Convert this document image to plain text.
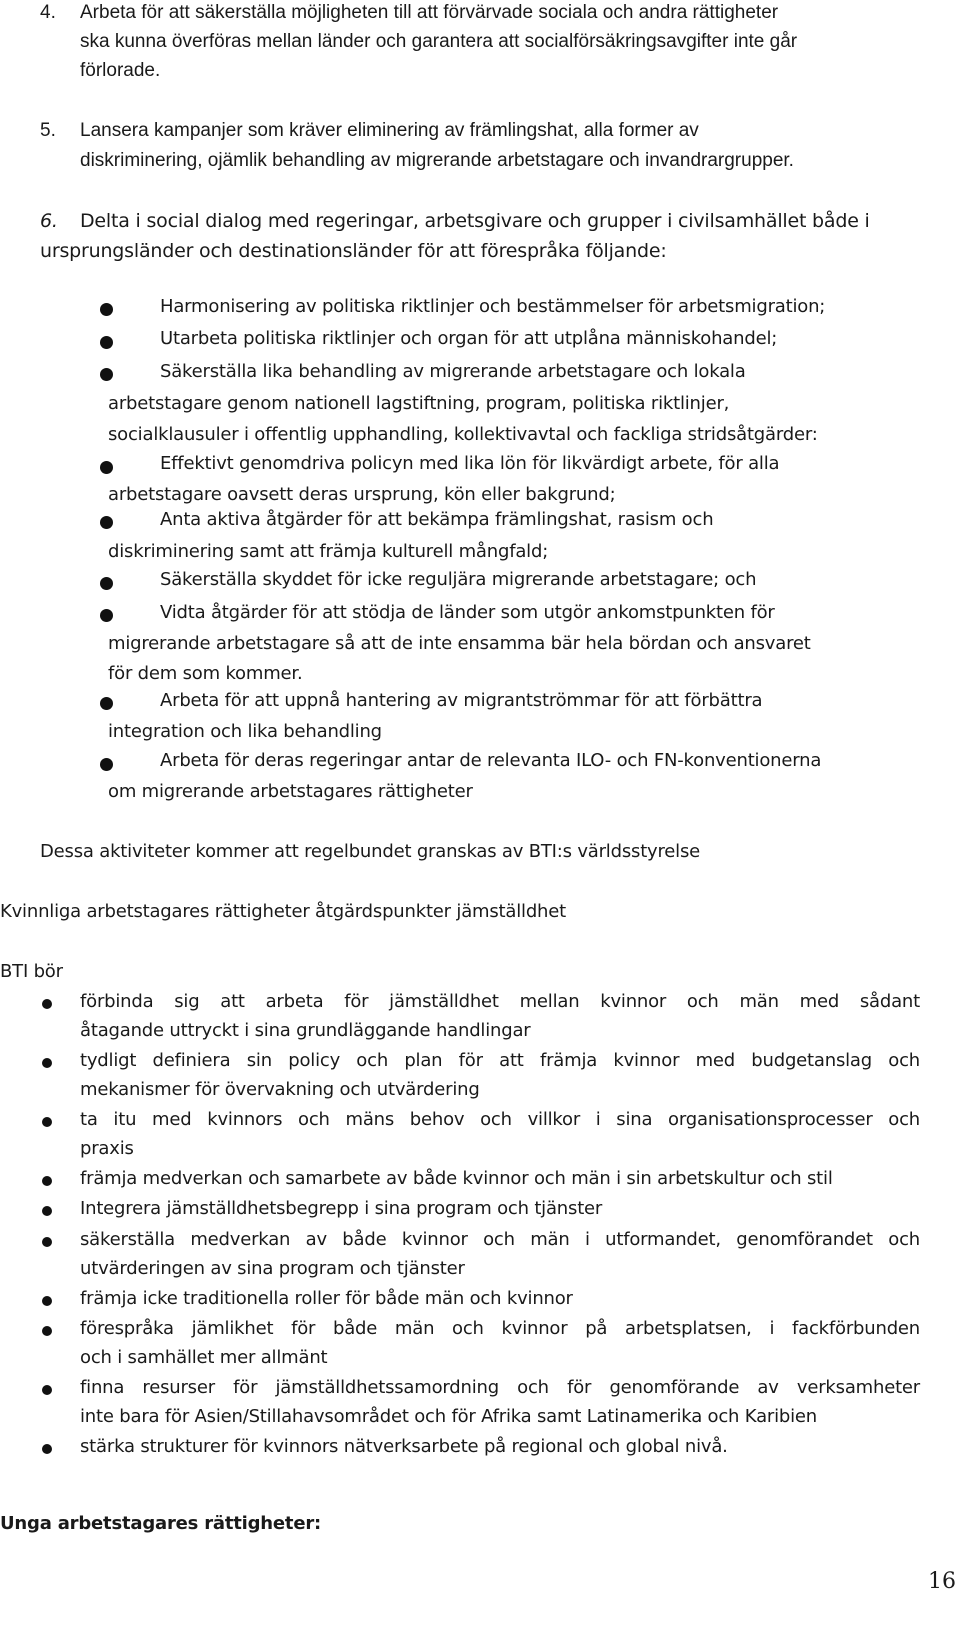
4. Arbeta för att säkerställa möjligheten till att förvärvade sociala och andra rättigheter
ska kunna överföras mellan länder och garantera att socialförsäkringsavgifter inte går
förlorade.
5. Lansera kampanjer som kräver eliminering av främlingshat, alla former av
diskriminering, ojämlik behandling av migrerande arbetstagare och invandrargrupper.
6. Delta i social dialog med regeringar, arbetsgivare och grupper i civilsamhället både i
ursprungsländer och destinationsländer för att förespråka följande:
Harmonisering av politiska riktlinjer och bestämmelser för arbetsmigration;
Utarbeta politiska riktlinjer och organ för att utplåna människohandel;
Säkerställa lika behandling av migrerande arbetstagare och lokala
arbetstagare genom nationell lagstiftning, program, politiska riktlinjer,
socialklausuler i offentlig upphandling, kollektivavtal och fackliga stridsåtgärder:
Effektivt genomdriva policyn med lika lön för likvärdigt arbete, för alla
arbetstagare oavsett deras ursprung, kön eller bakgrund;
Anta aktiva åtgärder för att bekämpa främlingshat, rasism och
diskriminering samt att främja kulturell mångfald;
Säkerställa skyddet för icke reguljära migrerande arbetstagare; och
Vidta åtgärder för att stödja de länder som utgör ankomstpunkten för
migrerande arbetstagare så att de inte ensamma bär hela bördan och ansvaret
för dem som kommer.
Arbeta för att uppnå hantering av migrantströmmar för att förbättra
integration och lika behandling
Arbeta för deras regeringar antar de relevanta ILO- och FN-konventionerna
om migrerande arbetstagares rättigheter
Dessa aktiviteter kommer att regelbundet granskas av BTI:s världsstyrelse
Kvinnliga arbetstagares rättigheter åtgärdspunkter jämställdhet
BTI bör
förbinda sig att arbeta för jämställdhet mellan kvinnor och män med sådant
åtagande uttryckt i sina grundläggande handlingar
tydligt definiera sin policy och plan för att främja kvinnor med budgetanslag och
mekanismer för övervakning och utvärdering
ta itu med kvinnors och mäns behov och villkor i sina organisationsprocesser och
praxis
främja medverkan och samarbete av både kvinnor och män i sin arbetskultur och stil
Integrera jämställdhetsbegrepp i sina program och tjänster
säkerställa medverkan av både kvinnor och män i utformandet, genomförandet och
utvärderingen av sina program och tjänster
främja icke traditionella roller för både män och kvinnor
förespråka jämlikhet för både män och kvinnor på arbetsplatsen, i fackförbunden
och i samhället mer allmänt
finna resurser för jämställdhetssamordning och för genomförande av verksamheter
inte bara för Asien/Stillahavsområdet och för Afrika samt Latinamerika och Karibien
stärka strukturer för kvinnors nätverksarbete på regional och global nivå.
Unga arbetstagares rättigheter:
16
